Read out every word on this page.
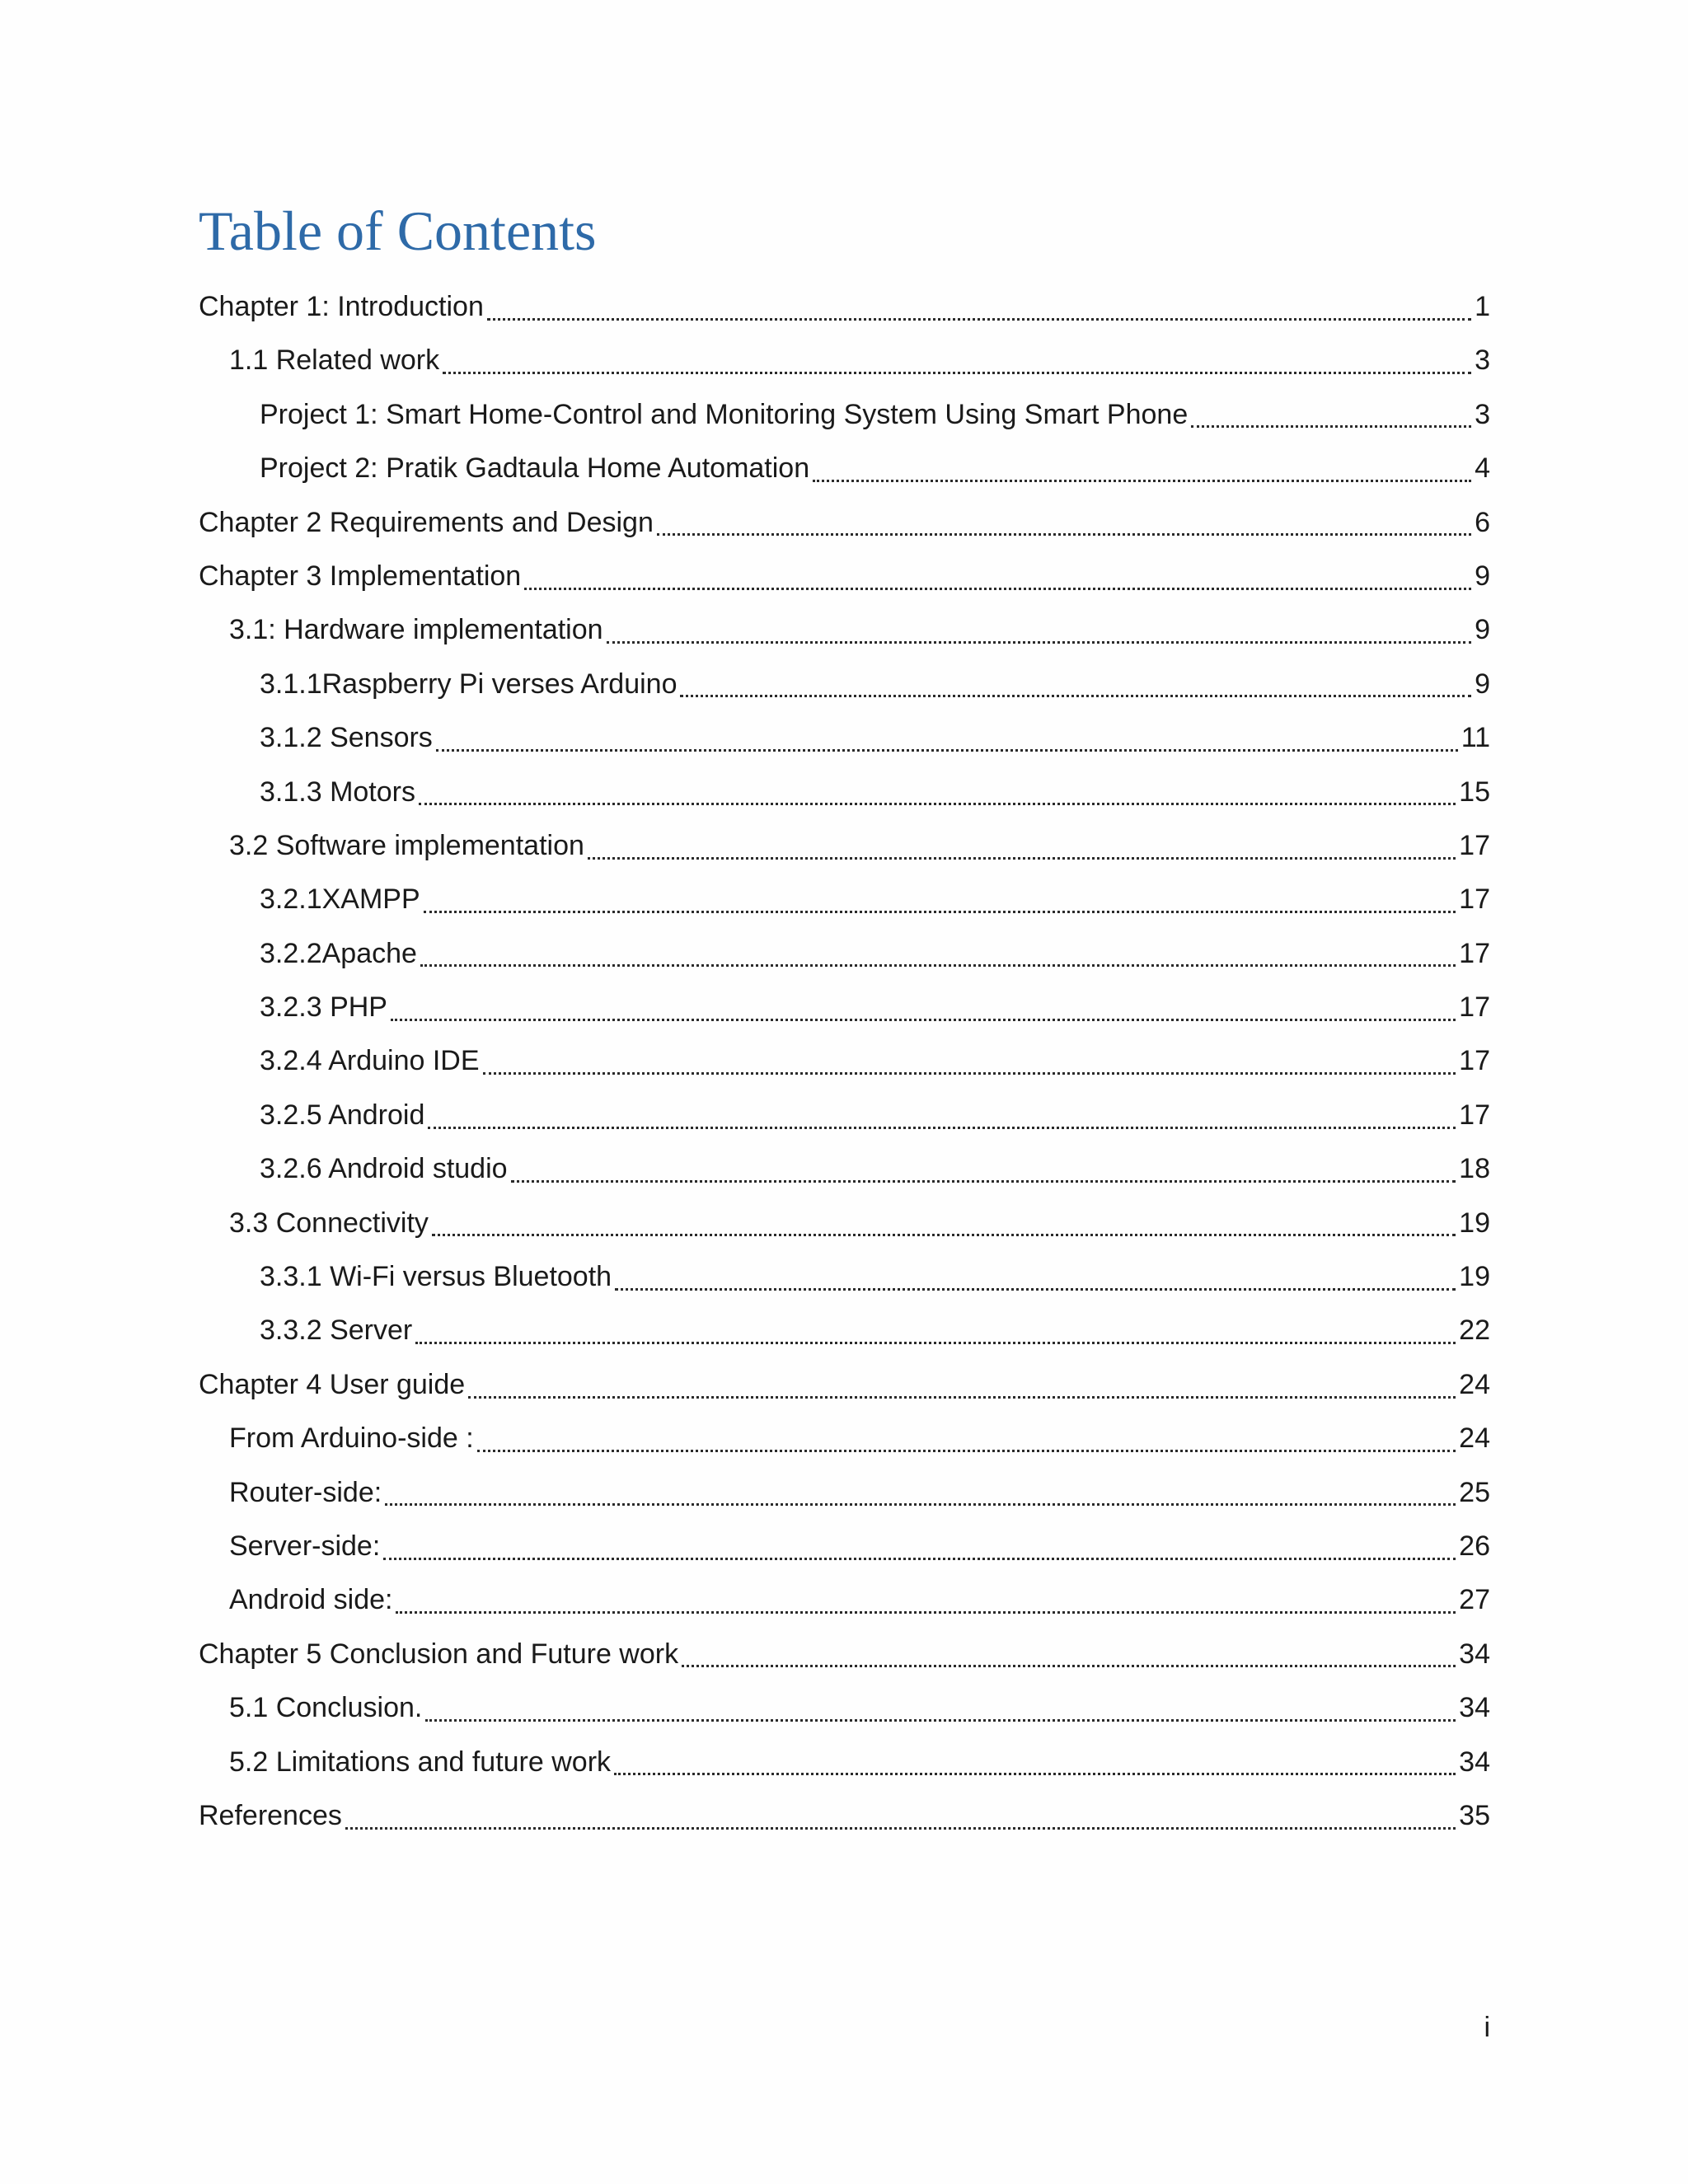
Table of Contents
Chapter 1: Introduction	1
1.1 Related work	3
Project 1: Smart Home-Control and Monitoring System Using Smart Phone	3
Project 2: Pratik Gadtaula Home Automation	4
Chapter 2 Requirements and Design	6
Chapter 3 Implementation	9
3.1: Hardware implementation	9
3.1.1Raspberry Pi verses Arduino	9
3.1.2 Sensors	11
3.1.3 Motors	15
3.2 Software implementation	17
3.2.1XAMPP	17
3.2.2Apache	17
3.2.3 PHP	17
3.2.4 Arduino IDE	17
3.2.5 Android	17
3.2.6 Android studio	18
3.3 Connectivity	19
3.3.1 Wi-Fi versus Bluetooth	19
3.3.2 Server	22
Chapter 4 User guide	24
From Arduino-side :	24
Router-side:	25
Server-side:	26
Android side:	27
Chapter 5 Conclusion and Future work	34
5.1 Conclusion.	34
5.2 Limitations and future work	34
References	35
i
